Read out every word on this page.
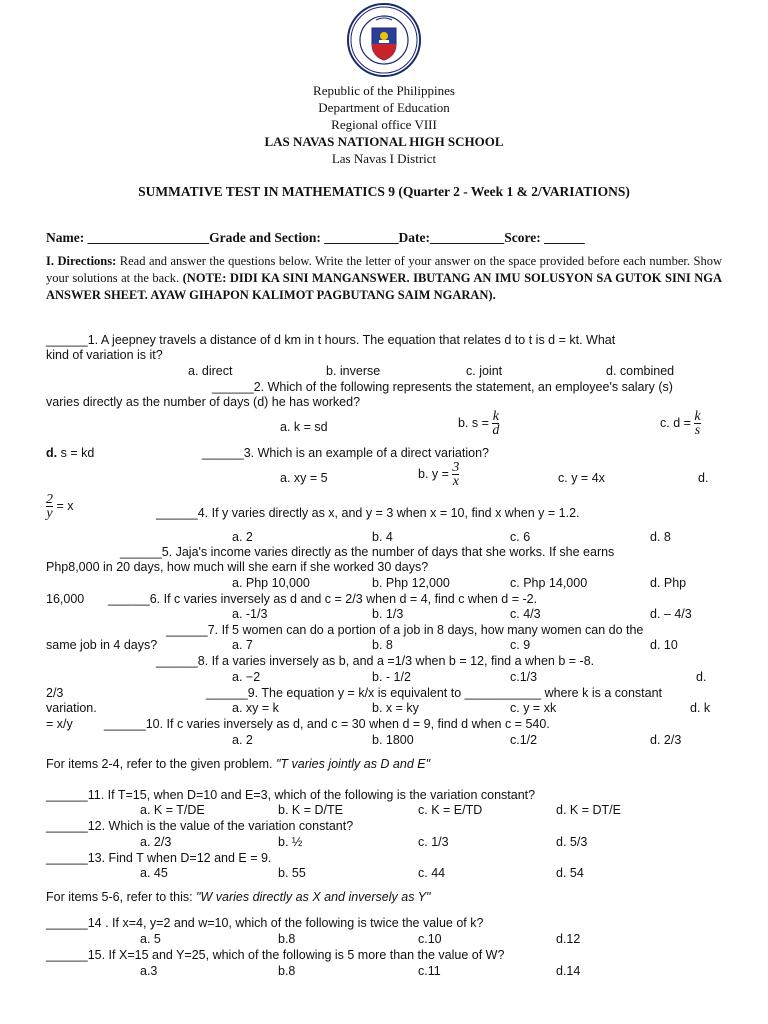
Republic of the Philippines
Department of Education
Regional office VIII
LAS NAVAS NATIONAL HIGH SCHOOL
Las Navas I District
SUMMATIVE TEST IN MATHEMATICS 9 (Quarter 2 - Week 1 & 2/VARIATIONS)
Name: __________________Grade and Section: ___________Date:___________Score: ______
I. Directions: Read and answer the questions below. Write the letter of your answer on the space provided before each number. Show your solutions at the back. (NOTE: DIDI KA SINI MANGANSWER. IBUTANG AN IMU SOLUSYON SA GUTOK SINI NGA ANSWER SHEET. AYAW GIHAPON KALIMOT PAGBUTANG SAIM NGARAN).
______1. A jeepney travels a distance of d km in t hours. The equation that relates d to t is d = kt. What
kind of variation is it?
a. direct	b. inverse	c. joint	d. combined
______2. Which of the following represents the statement, an employee's salary (s)
varies directly as the number of days (d) he has worked?
a. k = sd	b. $s = \frac{k}{d}$	c. $d = \frac{k}{s}$
d. s = kd	______3. Which is an example of a direct variation?
a. xy = 5	b. $y = \frac{3}{x}$	c. y = 4x	d.
$\frac{2}{y} = x$
______4. If y varies directly as x, and y = 3 when x = 10, find x when y = 1.2.
a. 2	b. 4	c. 6	d. 8
______5. Jaja's income varies directly as the number of days that she works. If she earns
Php8,000 in 20 days, how much will she earn if she worked 30 days?
a. Php 10,000	b. Php 12,000	c. Php 14,000	d. Php
16,000 ______6. If c varies inversely as d and c = 2/3 when d = 4, find c when d = -2.
a. -1/3	b. 1/3	c. 4/3	d. – 4/3
______7. If 5 women can do a portion of a job in 8 days, how many women can do the
same job in 4 days?	a. 7	b. 8	c. 9	d. 10
______8. If a varies inversely as b, and a =1/3 when b = 12, find a when b = -8.
a. −2	b. - 1/2	c.1/3	d.
2/3	______9. The equation y = k/x is equivalent to ___________ where k is a constant
variation.	a. xy = k	b. x = ky	c. y = xk	d. k
= x/y	______10. If c varies inversely as d, and c = 30 when d = 9, find d when c = 540.
a. 2	b. 1800	c.1/2	d. 2/3
For items 2-4, refer to the given problem. "T varies jointly as D and E"
______11. If T=15, when D=10 and E=3, which of the following is the variation constant?
a. K = T/DE	b. K = D/TE	c. K = E/TD	d. K = DT/E
______12. Which is the value of the variation constant?
a. 2/3	b. ½	c. 1/3	d. 5/3
______13. Find T when D=12 and E = 9.
a. 45	b. 55	c. 44	d. 54
For items 5-6, refer to this: "W varies directly as X and inversely as Y"
______14 . If x=4, y=2 and w=10, which of the following is twice the value of k?
a. 5	b.8	c.10	d.12
______15. If X=15 and Y=25, which of the following is 5 more than the value of W?
a.3	b.8	c.11	d.14
